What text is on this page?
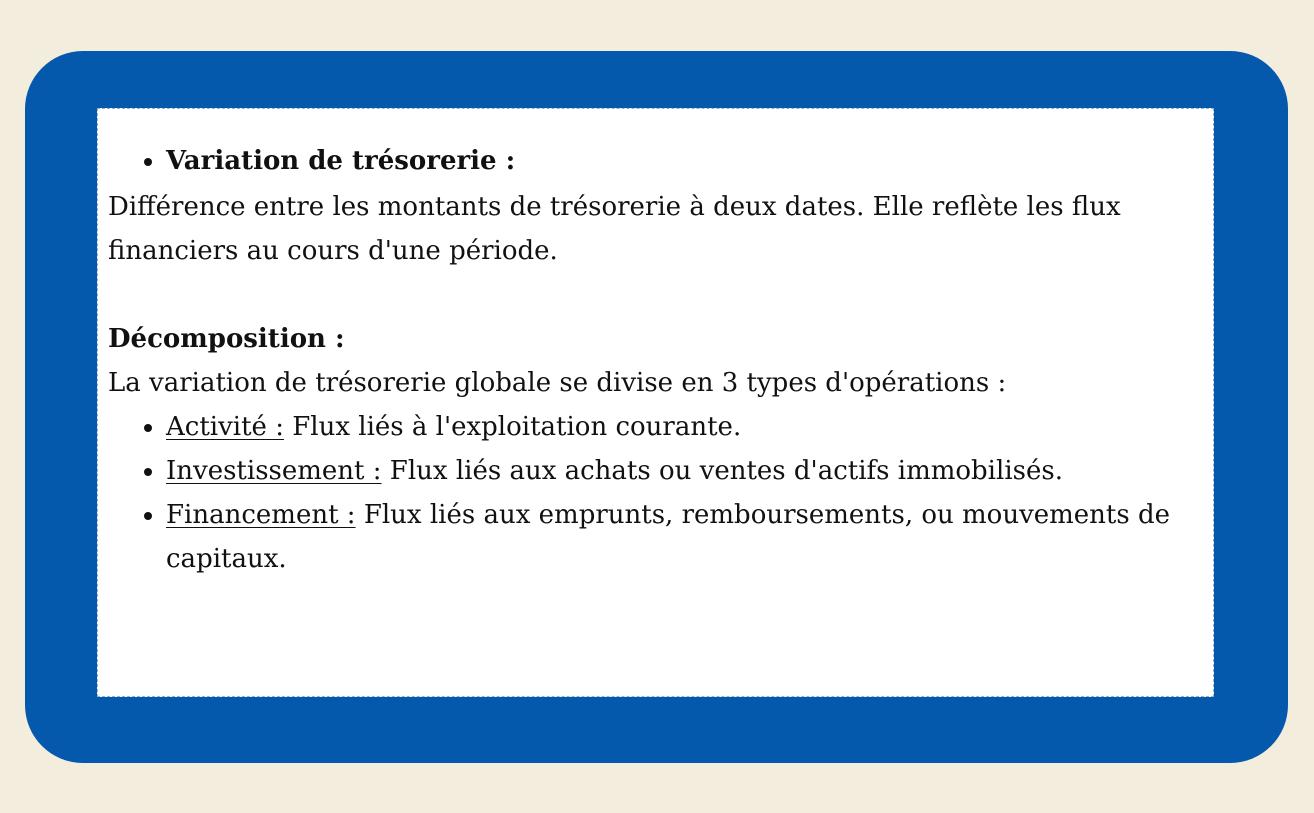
• Variation de trésorerie :

Différence entre les montants de trésorerie à deux dates. Elle reflète les flux financiers au cours d'une période.

Décomposition :

La variation de trésorerie globale se divise en 3 types d'opérations :

• Activité : Flux liés à l'exploitation courante.
• Investissement : Flux liés aux achats ou ventes d'actifs immobilisés.
• Financement : Flux liés aux emprunts, remboursements, ou mouvements de capitaux.
